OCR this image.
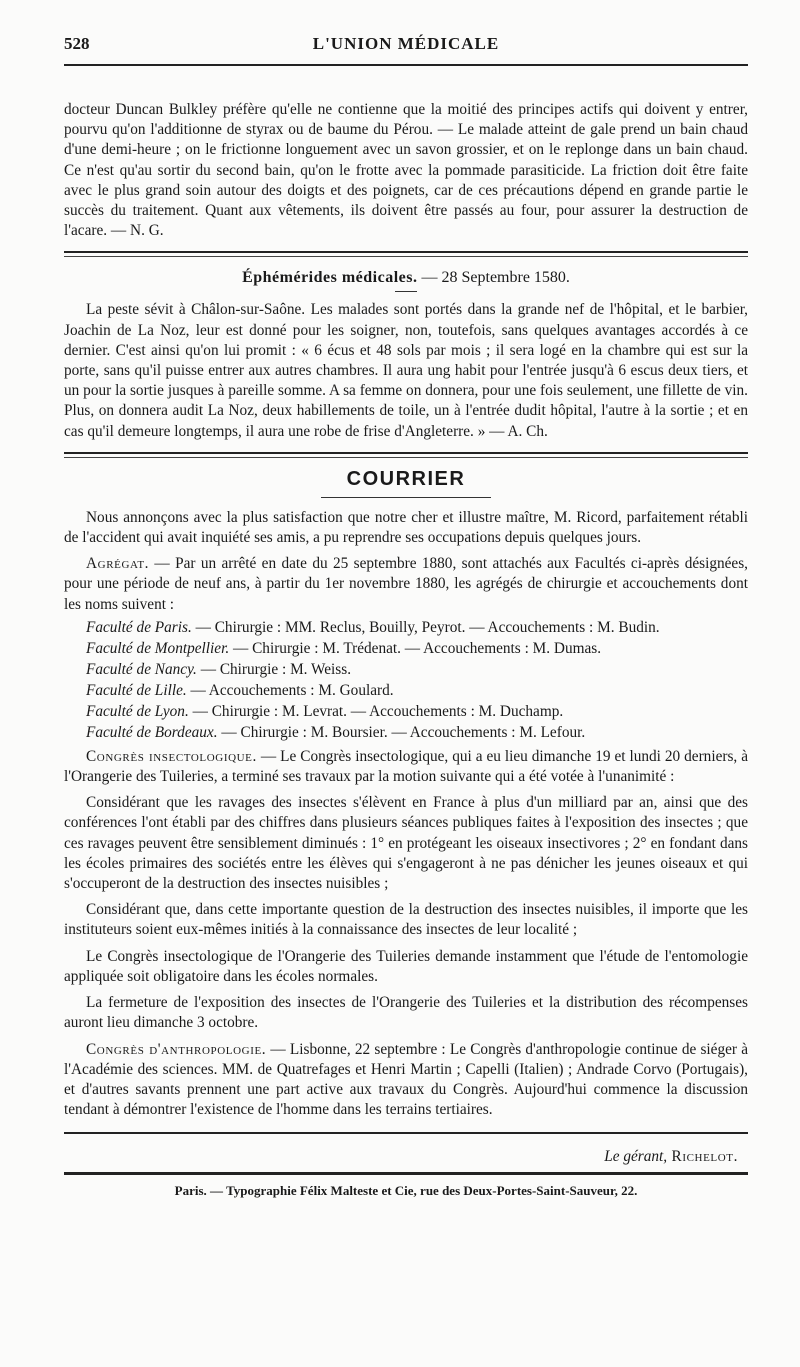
528	L'UNION MÉDICALE

docteur Duncan Bulkley préfère qu'elle ne contienne que la moitié des principes actifs qui doivent y entrer, pourvu qu'on l'additionne de styrax ou de baume du Pérou. — Le malade atteint de gale prend un bain chaud d'une demi-heure ; on le frictionne longuement avec un savon grossier, et on le replonge dans un bain chaud. Ce n'est qu'au sortir du second bain, qu'on le frotte avec la pommade parasiticide. La friction doit être faite avec le plus grand soin autour des doigts et des poignets, car de ces précautions dépend en grande partie le succès du traitement. Quant aux vêtements, ils doivent être passés au four, pour assurer la destruction de l'acare. — N. G.

Éphémérides médicales. — 28 Septembre 1580.

La peste sévit à Châlon-sur-Saône. Les malades sont portés dans la grande nef de l'hôpital, et le barbier, Joachin de La Noz, leur est donné pour les soigner, non, toutefois, sans quelques avantages accordés à ce dernier. C'est ainsi qu'on lui promit : « 6 écus et 48 sols par mois ; il sera logé en la chambre qui est sur la porte, sans qu'il puisse entrer aux autres chambres. Il aura ung habit pour l'entrée jusqu'à 6 escus deux tiers, et un pour la sortie jusques à pareille somme. A sa femme on donnera, pour une fois seulement, une fillette de vin. Plus, on donnera audit La Noz, deux habillements de toile, un à l'entrée dudit hôpital, l'autre à la sortie ; et en cas qu'il demeure longtemps, il aura une robe de frise d'Angleterre. » — A. Ch.

COURRIER

Nous annonçons avec la plus satisfaction que notre cher et illustre maître, M. Ricord, parfaitement rétabli de l'accident qui avait inquiété ses amis, a pu reprendre ses occupations depuis quelques jours.

Agrégat. — Par un arrêté en date du 25 septembre 1880, sont attachés aux Facultés ci-après désignées, pour une période de neuf ans, à partir du 1er novembre 1880, les agrégés de chirurgie et accouchements dont les noms suivent :

Faculté de Paris. — Chirurgie : MM. Reclus, Bouilly, Peyrot. — Accouchements : M. Budin.
Faculté de Montpellier. — Chirurgie : M. Trédenat. — Accouchements : M. Dumas.
Faculté de Nancy. — Chirurgie : M. Weiss.
Faculté de Lille. — Accouchements : M. Goulard.
Faculté de Lyon. — Chirurgie : M. Levrat. — Accouchements : M. Duchamp.
Faculté de Bordeaux. — Chirurgie : M. Boursier. — Accouchements : M. Lefour.

Congrès insectologique. — Le Congrès insectologique, qui a eu lieu dimanche 19 et lundi 20 derniers, à l'Orangerie des Tuileries, a terminé ses travaux par la motion suivante qui a été votée à l'unanimité :

Considérant que les ravages des insectes s'élèvent en France à plus d'un milliard par an, ainsi que des conférences l'ont établi par des chiffres dans plusieurs séances publiques faites à l'exposition des insectes ; que ces ravages peuvent être sensiblement diminués : 1° en protégeant les oiseaux insectivores ; 2° en fondant dans les écoles primaires des sociétés entre les élèves qui s'engageront à ne pas dénicher les jeunes oiseaux et qui s'occuperont de la destruction des insectes nuisibles ;

Considérant que, dans cette importante question de la destruction des insectes nuisibles, il importe que les instituteurs soient eux-mêmes initiés à la connaissance des insectes de leur localité ;

Le Congrès insectologique de l'Orangerie des Tuileries demande instamment que l'étude de l'entomologie appliquée soit obligatoire dans les écoles normales.

La fermeture de l'exposition des insectes de l'Orangerie des Tuileries et la distribution des récompenses auront lieu dimanche 3 octobre.

Congrès d'anthropologie. — Lisbonne, 22 septembre : Le Congrès d'anthropologie continue de siéger à l'Académie des sciences. MM. de Quatrefages et Henri Martin ; Capelli (Italien) ; Andrade Corvo (Portugais), et d'autres savants prennent une part active aux travaux du Congrès. Aujourd'hui commence la discussion tendant à démontrer l'existence de l'homme dans les terrains tertiaires.

Le gérant, Richelot.
Paris. — Typographie Félix Malteste et Cie, rue des Deux-Portes-Saint-Sauveur, 22.
